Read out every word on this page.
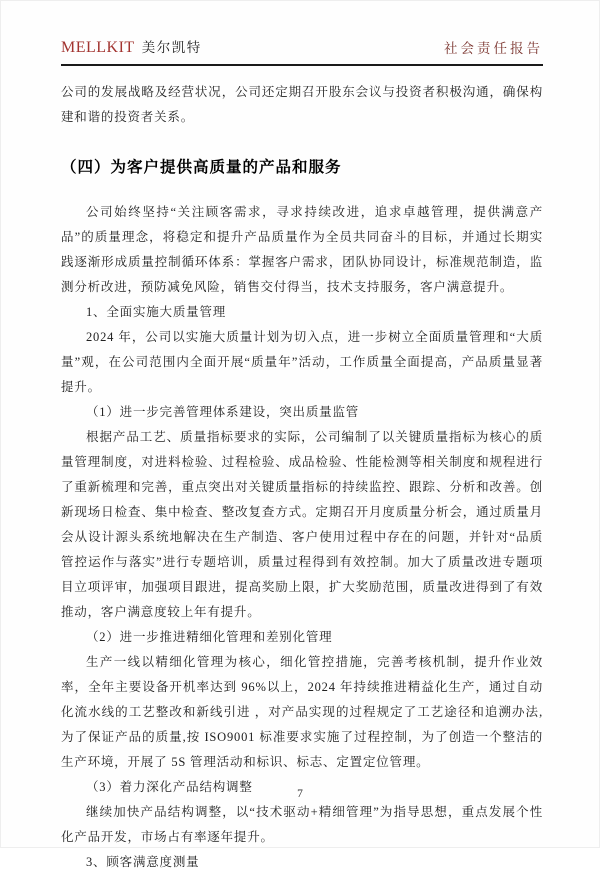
MELLKIT 美尔凯特	社会责任报告

公司的发展战略及经营状况，公司还定期召开股东会议与投资者积极沟通，确保构建和谐的投资者关系。

（四）为客户提供高质量的产品和服务

公司始终坚持“关注顾客需求，寻求持续改进，追求卓越管理，提供满意产品”的质量理念，将稳定和提升产品质量作为全员共同奋斗的目标，并通过长期实践逐渐形成质量控制循环体系：掌握客户需求，团队协同设计，标准规范制造，监测分析改进，预防减免风险，销售交付得当，技术支持服务，客户满意提升。

1、全面实施大质量管理

2024 年，公司以实施大质量计划为切入点，进一步树立全面质量管理和“大质量”观，在公司范围内全面开展“质量年”活动，工作质量全面提高，产品质量显著提升。

（1）进一步完善管理体系建设，突出质量监管

根据产品工艺、质量指标要求的实际，公司编制了以关键质量指标为核心的质量管理制度，对进料检验、过程检验、成品检验、性能检测等相关制度和规程进行了重新梳理和完善，重点突出对关键质量指标的持续监控、跟踪、分析和改善。创新现场日检查、集中检查、整改复查方式。定期召开月度质量分析会，通过质量月会从设计源头系统地解决在生产制造、客户使用过程中存在的问题，并针对“品质管控运作与落实”进行专题培训，质量过程得到有效控制。加大了质量改进专题项目立项评审，加强项目跟进，提高奖励上限，扩大奖励范围，质量改进得到了有效推动，客户满意度较上年有提升。

（2）进一步推进精细化管理和差别化管理

生产一线以精细化管理为核心，细化管控措施，完善考核机制，提升作业效率，全年主要设备开机率达到 96%以上，2024 年持续推进精益化生产，通过自动化流水线的工艺整改和新线引进 ，对产品实现的过程规定了工艺途径和追溯办法,为了保证产品的质量,按 ISO9001 标准要求实施了过程控制，为了创造一个整洁的生产环境，开展了 5S 管理活动和标识、标志、定置定位管理。

（3）着力深化产品结构调整

继续加快产品结构调整，以“技术驱动+精细管理”为指导思想，重点发展个性化产品开发，市场占有率逐年提升。

3、顾客满意度测量

7
